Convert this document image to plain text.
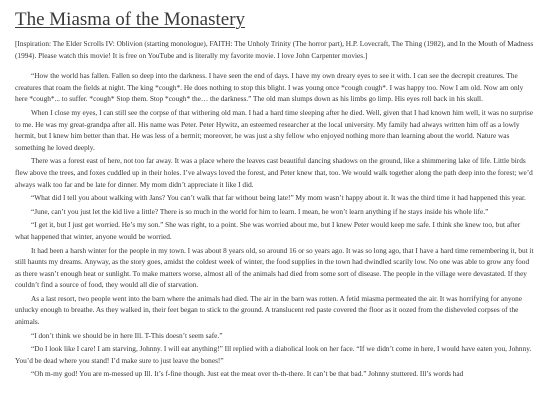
The Miasma of the Monastery

[Inspiration: The Elder Scrolls IV: Oblivion (starting monologue), FAITH: The Unholy Trinity (The horror part), H.P. Lovecraft, The Thing (1982), and In the Mouth of Madness (1994). Please watch this movie! It is free on YouTube and is literally my favorite movie. I love John Carpenter movies.]

“How the world has fallen. Fallen so deep into the darkness. I have seen the end of days. I have my own dreary eyes to see it with. I can see the decrepit creatures. The creatures that roam the fields at night. The king *cough*. He does nothing to stop this blight. I was young once *cough cough*. I was happy too. Now I am old. Now am only here *cough*... to suffer. *cough* Stop them. Stop *cough* the… the darkness.” The old man slumps down as his limbs go limp. His eyes roll back in his skull.

When I close my eyes, I can still see the corpse of that withering old man. I had a hard time sleeping after he died. Well, given that I had known him well, it was no surprise to me. He was my great-grandpa after all. His name was Peter. Peter Hywitz, an esteemed researcher at the local university. My family had always written him off as a lowly hermit, but I knew him better than that. He was less of a hermit; moreover, he was just a shy fellow who enjoyed nothing more than learning about the world. Nature was something he loved deeply.

There was a forest east of here, not too far away. It was a place where the leaves cast beautiful dancing shadows on the ground, like a shimmering lake of life. Little birds flew above the trees, and foxes cuddled up in their holes. I’ve always loved the forest, and Peter knew that, too. We would walk together along the path deep into the forest; we’d always walk too far and be late for dinner. My mom didn’t appreciate it like I did.

“What did I tell you about walking with Jans? You can’t walk that far without being late!” My mom wasn’t happy about it. It was the third time it had happened this year.

“June, can’t you just let the kid live a little? There is so much in the world for him to learn. I mean, he won’t learn anything if he stays inside his whole life.”

“I get it, but I just get worried. He’s my son.” She was right, to a point. She was worried about me, but I knew Peter would keep me safe. I think she knew too, but after what happened that winter, anyone would be worried.

It had been a harsh winter for the people in my town. I was about 8 years old, so around 16 or so years ago. It was so long ago, that I have a hard time remembering it, but it still haunts my dreams. Anyway, as the story goes, amidst the coldest week of winter, the food supplies in the town had dwindled scarily low. No one was able to grow any food as there wasn’t enough heat or sunlight. To make matters worse, almost all of the animals had died from some sort of disease. The people in the village were devastated. If they couldn’t find a source of food, they would all die of starvation.

As a last resort, two people went into the barn where the animals had died. The air in the barn was rotten. A fetid miasma permeated the air. It was horrifying for anyone unlucky enough to breathe. As they walked in, their feet began to stick to the ground. A translucent red paste covered the floor as it oozed from the disheveled corpses of the animals.

“I don’t think we should be in here Ill. T-This doesn’t seem safe.”

“Do I look like I care! I am starving, Johnny. I will eat anything!” Ill replied with a diabolical look on her face. “If we didn’t come in here, I would have eaten you, Johnny. You’d be dead where you stand! I’d make sure to just leave the bones!”

“Oh m-my god! You are m-messed up Ill. It’s f-fine though. Just eat the meat over th-th-there. It can’t be that bad.” Johnny stuttered. Ill’s words had
